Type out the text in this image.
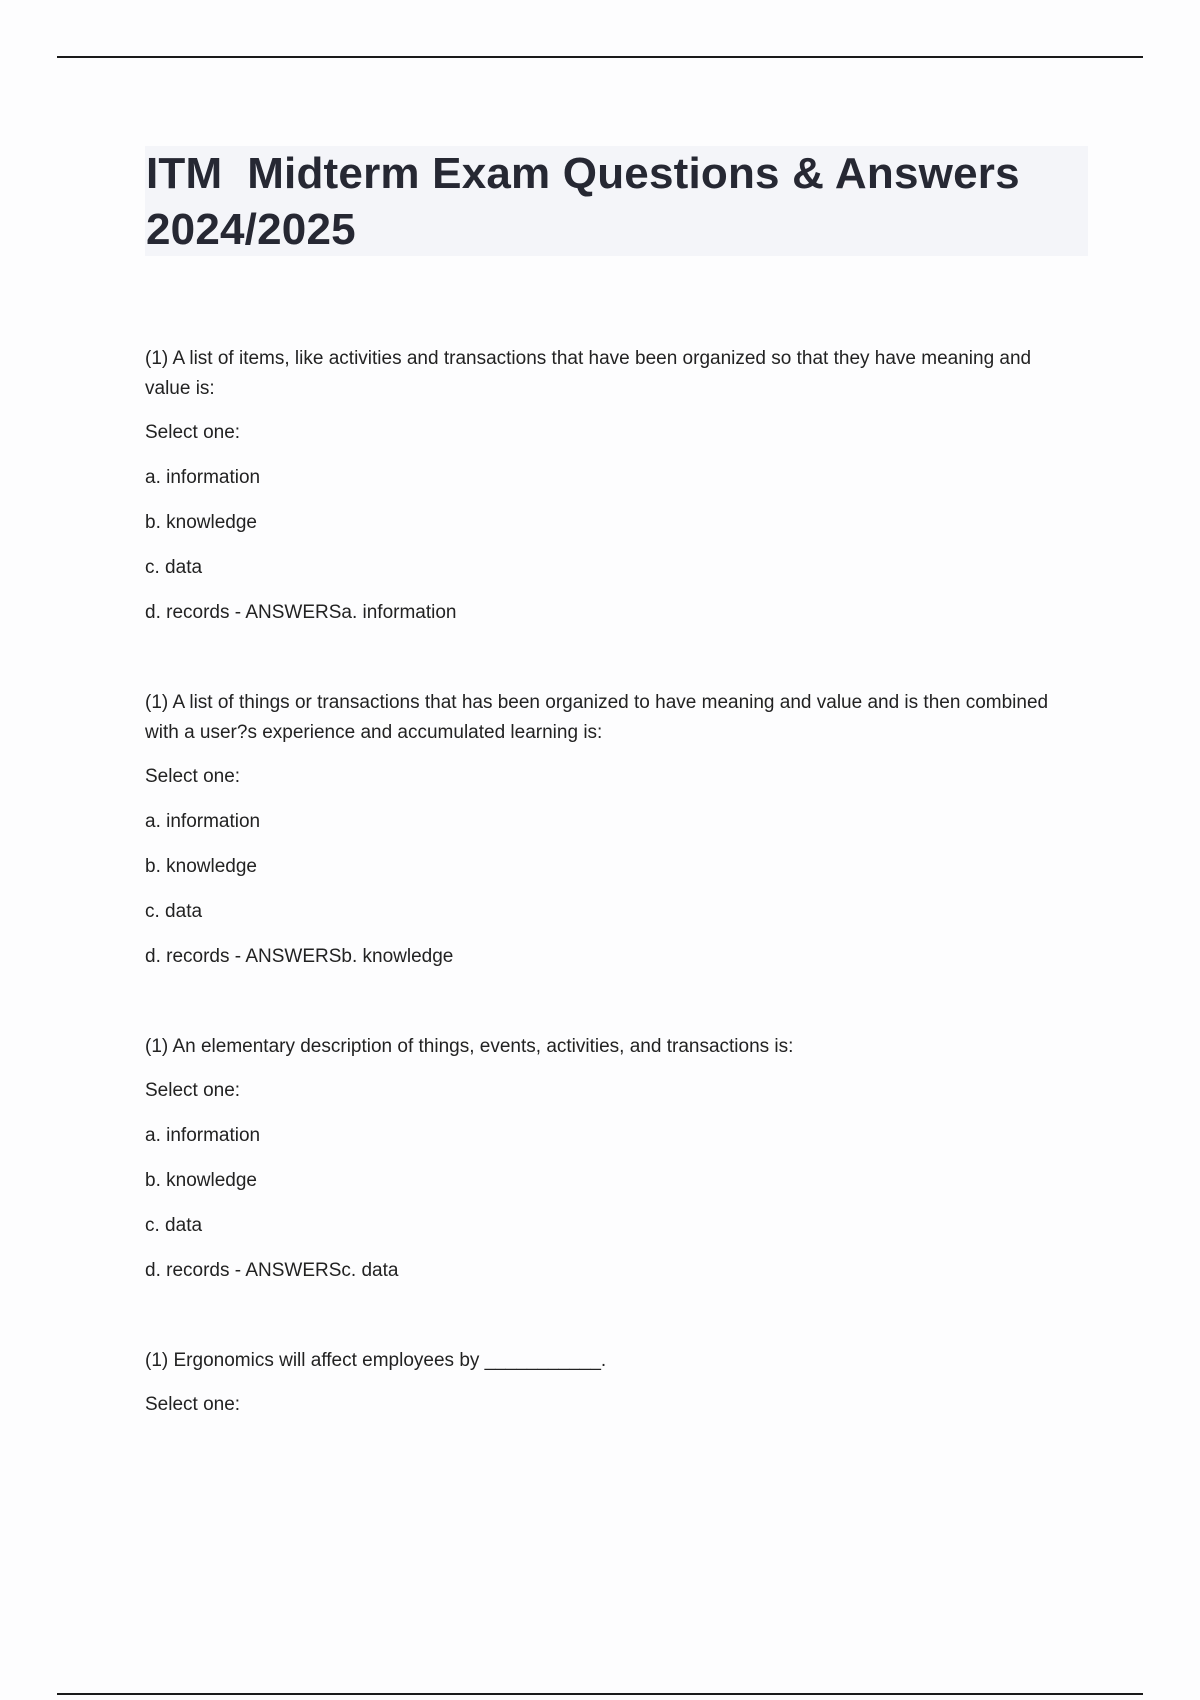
ITM  Midterm Exam Questions & Answers 2024/2025

(1) A list of items, like activities and transactions that have been organized so that they have meaning and value is:

Select one:

a. information

b. knowledge

c. data

d. records - ANSWERSa. information

(1) A list of things or transactions that has been organized to have meaning and value and is then combined with a user?s experience and accumulated learning is:

Select one:

a. information

b. knowledge

c. data

d. records - ANSWERSb. knowledge

(1) An elementary description of things, events, activities, and transactions is:

Select one:

a. information

b. knowledge

c. data

d. records - ANSWERSc. data

(1) Ergonomics will affect employees by ___________.

Select one:
